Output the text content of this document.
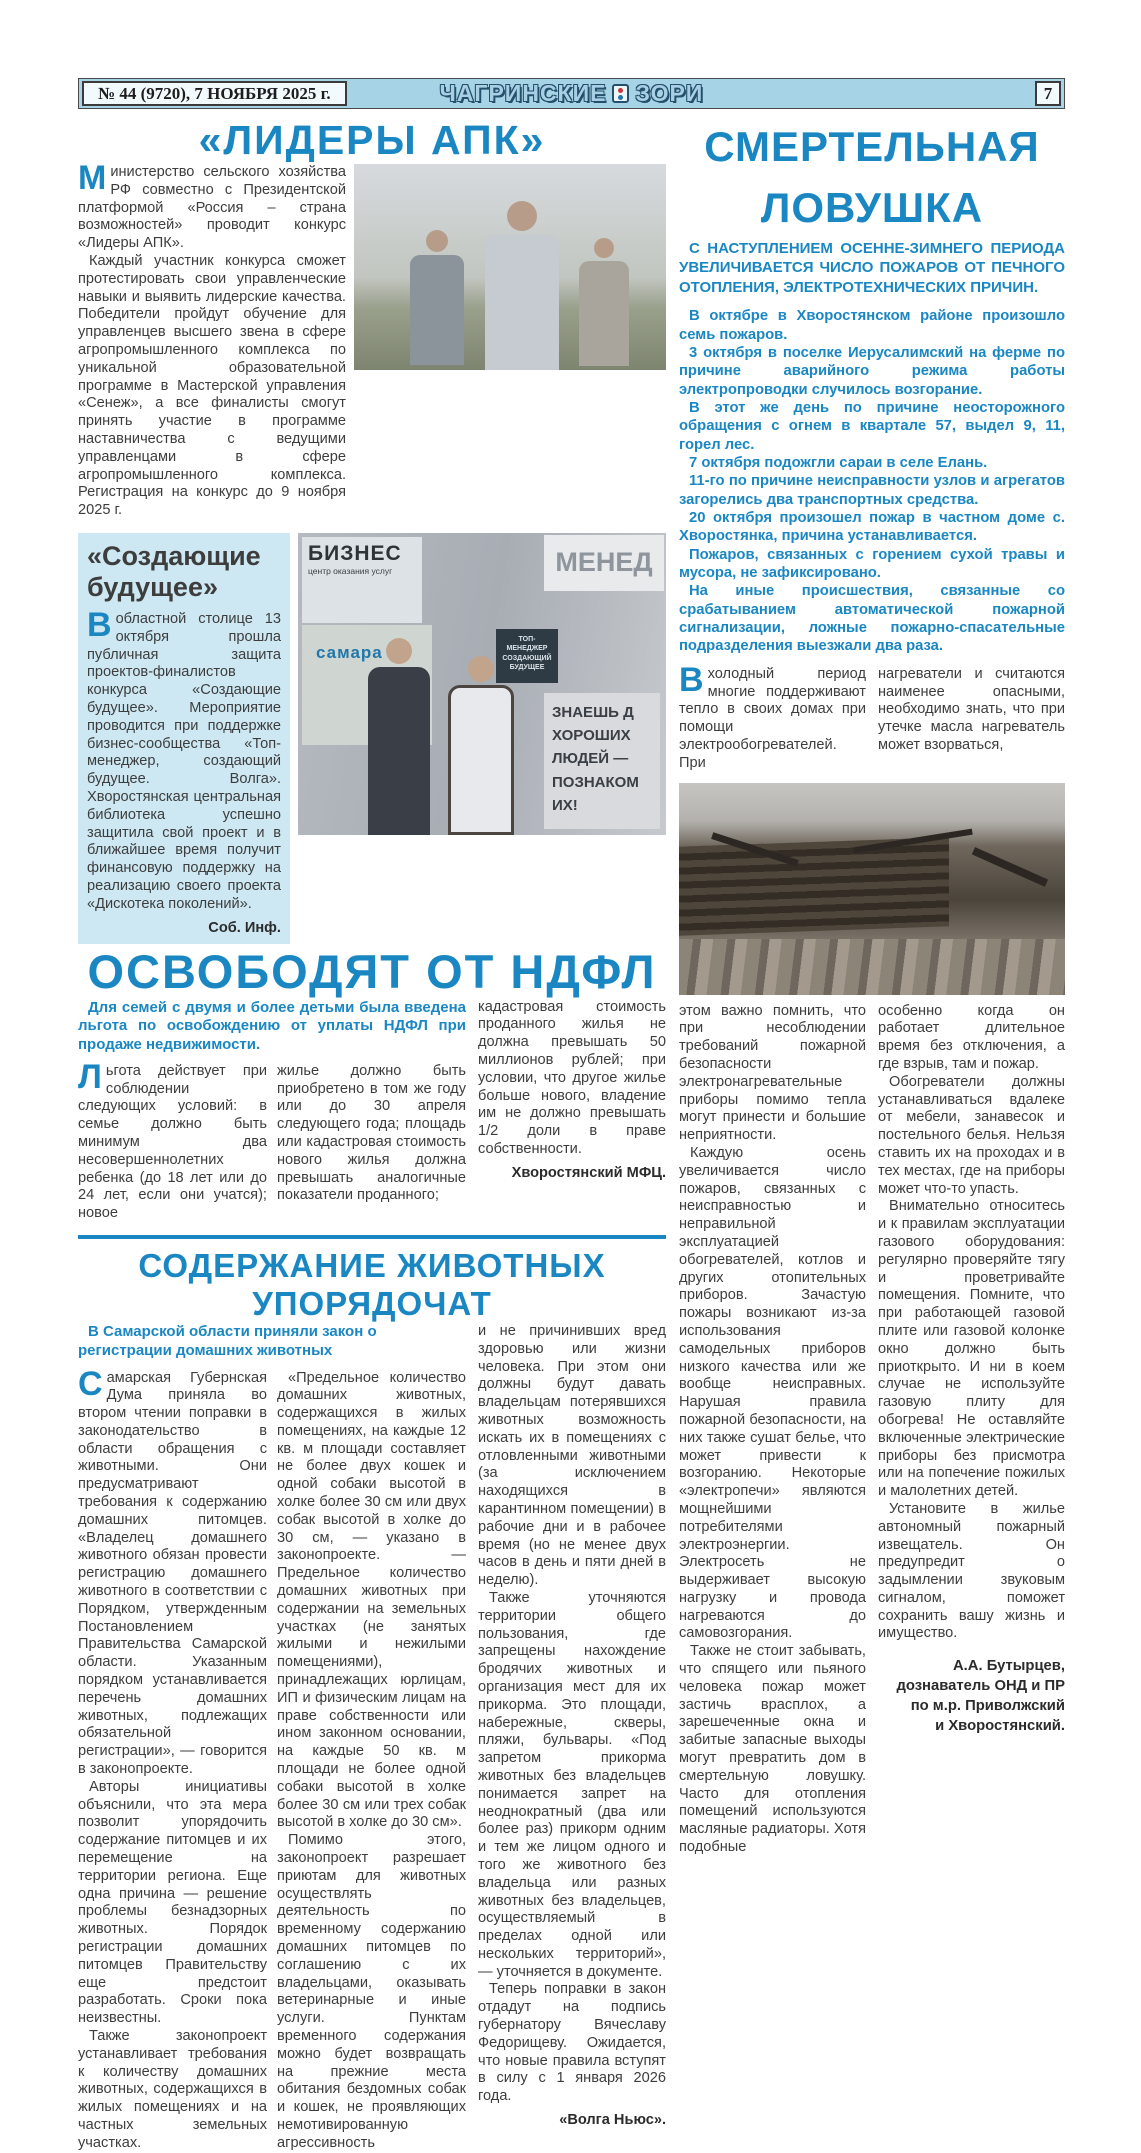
№ 44 (9720), 7 НОЯБРЯ 2025 г.	ЧАГРИНСКИЕ ЗОРИ	7
«ЛИДЕРЫ АПК»

Министерство сельского хозяйства РФ совместно с Президентской платформой «Россия – страна возможностей» проводит конкурс «Лидеры АПК».

Каждый участник конкурса сможет протестировать свои управленческие навыки и выявить лидерские качества. Победители пройдут обучение для управленцев высшего звена в сфере агропромышленного комплекса по уникальной образовательной программе в Мастерской управления «Сенеж», а все финалисты смогут принять участие в программе наставничества с ведущими управленцами в сфере агропромышленного комплекса. Регистрация на конкурс до 9 ноября 2025 г.

«Создающие
будущее»

Вобластной столице 13 октября прошла публичная защита проектов-финалистов конкурса «Создающие будущее». Мероприятие проводится при поддержке бизнес-сообщества «Топ-менеджер, создающий будущее. Волга». Хворостянская центральная библиотека успешно защитила свой проект и в ближайшее время получит финансовую поддержку на реализацию своего проекта «Дискотека поколений».

Соб. Инф.
БИЗНЕС
центр оказания услуг
самара
МЕНЕД
ТОП-МЕНЕДЖЕР СОЗДАЮЩИЙ БУДУЩЕЕ
ЗНАЕШЬ Д
ХОРОШИХ
ЛЮДЕЙ —
ПОЗНАКОМ
ИХ!
ОСВОБОДЯТ ОТ НДФЛ

Для семей с двумя и более детьми была введена льгота по освобождению от уплаты НДФЛ при продаже недвижимости.

Льгота действует при соблюдении следующих условий: в семье должно быть минимум два несовершеннолетних ребенка (до 18 лет или до 24 лет, если они учатся); новое

жилье должно быть приобретено в том же году или до 30 апреля следующего года; площадь или кадастровая стоимость нового жилья должна превышать аналогичные показатели проданного;

кадастровая стоимость проданного жилья не должна превышать 50 миллионов рублей; при условии, что другое жилье больше нового, владение им не должно превышать 1/2 доли в праве собственности.

Хворостянский МФЦ.
СОДЕРЖАНИЕ ЖИВОТНЫХ УПОРЯДОЧАТ

В Самарской области приняли закон о регистрации домашних животных

Самарская Губернская Дума приняла во втором чтении поправки в законодательство в области обращения с животными. Они предусматривают требования к содержанию домашних питомцев. «Владелец домашнего животного обязан провести регистрацию домашнего животного в соответствии с Порядком, утвержденным Постановлением Правительства Самарской области. Указанным порядком устанавливается перечень домашних животных, подлежащих обязательной регистрации», — говорится в законопроекте.

Авторы инициативы объяснили, что эта мера позволит упорядочить содержание питомцев и их перемещение на территории региона. Еще одна причина — решение проблемы безнадзорных животных. Порядок регистрации домашних питомцев Правительству еще предстоит разработать. Сроки пока неизвестны.

Также законопроект устанавливает требования к количеству домашних животных, содержащихся в жилых помещениях и на частных земельных участках.

«Предельное количество домашних животных, содержащихся в жилых помещениях, на каждые 12 кв. м площади составляет не более двух кошек и одной собаки высотой в холке более 30 см или двух собак высотой в холке до 30 см, — указано в законопроекте. — Предельное количество домашних животных при содержании на земельных участках (не занятых жилыми и нежилыми помещениями), принадлежащих юрлицам, ИП и физическим лицам на праве собственности или ином законном основании, на каждые 50 кв. м площади не более одной собаки высотой в холке более 30 см или трех собак высотой в холке до 30 см».

Помимо этого, законопроект разрешает приютам для животных осуществлять деятельность по временному содержанию домашних питомцев по соглашению с их владельцами, оказывать ветеринарные и иные услуги. Пунктам временного содержания можно будет возвращать на прежние места обитания бездомных собак и кошек, не проявляющих немотивированную агрессивность

и не причинивших вред здоровью или жизни человека. При этом они должны будут давать владельцам потерявшихся животных возможность искать их в помещениях с отловленными животными (за исключением находящихся в карантинном помещении) в рабочие дни и в рабочее время (но не менее двух часов в день и пяти дней в неделю).

Также уточняются территории общего пользования, где запрещены нахождение бродячих животных и организация мест для их прикорма. Это площади, набережные, скверы, пляжи, бульвары. «Под запретом прикорма животных без владельцев понимается запрет на неоднократный (два или более раз) прикорм одним и тем же лицом одного и того же животного без владельца или разных животных без владельцев, осуществляемый в пределах одной или нескольких территорий», — уточняется в документе.

Теперь поправки в закон отдадут на подпись губернатору Вячеславу Федорищеву. Ожидается, что новые правила вступят в силу с 1 января 2026 года.

«Волга Ньюс».
СМЕРТЕЛЬНАЯ
ЛОВУШКА

С НАСТУПЛЕНИЕМ ОСЕННЕ-ЗИМНЕГО ПЕРИОДА УВЕЛИЧИВАЕТСЯ ЧИСЛО ПОЖАРОВ ОТ ПЕЧНОГО ОТОПЛЕНИЯ, ЭЛЕКТРОТЕХНИЧЕСКИХ ПРИЧИН.

В октябре в Хворостянском районе произошло семь пожаров.

3 октября в поселке Иерусалимский на ферме по причине аварийного режима работы электропроводки случилось возгорание.

В этот же день по причине неосторожного обращения с огнем в квартале 57, выдел 9, 11, горел лес.

7 октября подожгли сараи в селе Елань.

11-го по причине неисправности узлов и агрегатов загорелись два транспортных средства.

20 октября произошел пожар в частном доме с. Хворостянка, причина устанавливается.

Пожаров, связанных с горением сухой травы и мусора, не зафиксировано.

На иные происшествия, связанные со срабатыванием автоматической пожарной сигнализации, ложные пожарно-спасательные подразделения выезжали два раза.

Вхолодный период многие поддерживают тепло в своих домах при помощи электрообогревателей. При

нагреватели и считаются наименее опасными, необходимо знать, что при утечке масла нагреватель может взорваться,

этом важно помнить, что при несоблюдении требований пожарной безопасности электронагревательные приборы помимо тепла могут принести и большие неприятности.

Каждую осень увеличивается число пожаров, связанных с неисправностью и неправильной эксплуатацией обогревателей, котлов и других отопительных приборов. Зачастую пожары возникают из-за использования самодельных приборов низкого качества или же вообще неисправных. Нарушая правила пожарной безопасности, на них также сушат белье, что может привести к возгоранию. Некоторые «электропечи» являются мощнейшими потребителями электроэнергии. Электросеть не выдерживает высокую нагрузку и провода нагреваются до самовозгорания.

Также не стоит забывать, что спящего или пьяного человека пожар может застичь врасплох, а зарешеченные окна и забитые запасные выходы могут превратить дом в смертельную ловушку. Часто для отопления помещений используются масляные радиаторы. Хотя подобные

особенно когда он работает длительное время без отключения, а где взрыв, там и пожар.

Обогреватели должны устанавливаться вдалеке от мебели, занавесок и постельного белья. Нельзя ставить их на проходах и в тех местах, где на приборы может что-то упасть.

Внимательно относитесь и к правилам эксплуатации газового оборудования: регулярно проверяйте тягу и проветривайте помещения. Помните, что при работающей газовой плите или газовой колонке окно должно быть приоткрыто. И ни в коем случае не используйте газовую плиту для обогрева! Не оставляйте включенные электрические приборы без присмотра или на попечение пожилых и малолетних детей.

Установите в жилье автономный пожарный извещатель. Он предупредит о задымлении звуковым сигналом, поможет сохранить вашу жизнь и имущество.

А.А. Бутырцев,
дознаватель ОНД и ПР
по м.р. Приволжский
и Хворостянский.
